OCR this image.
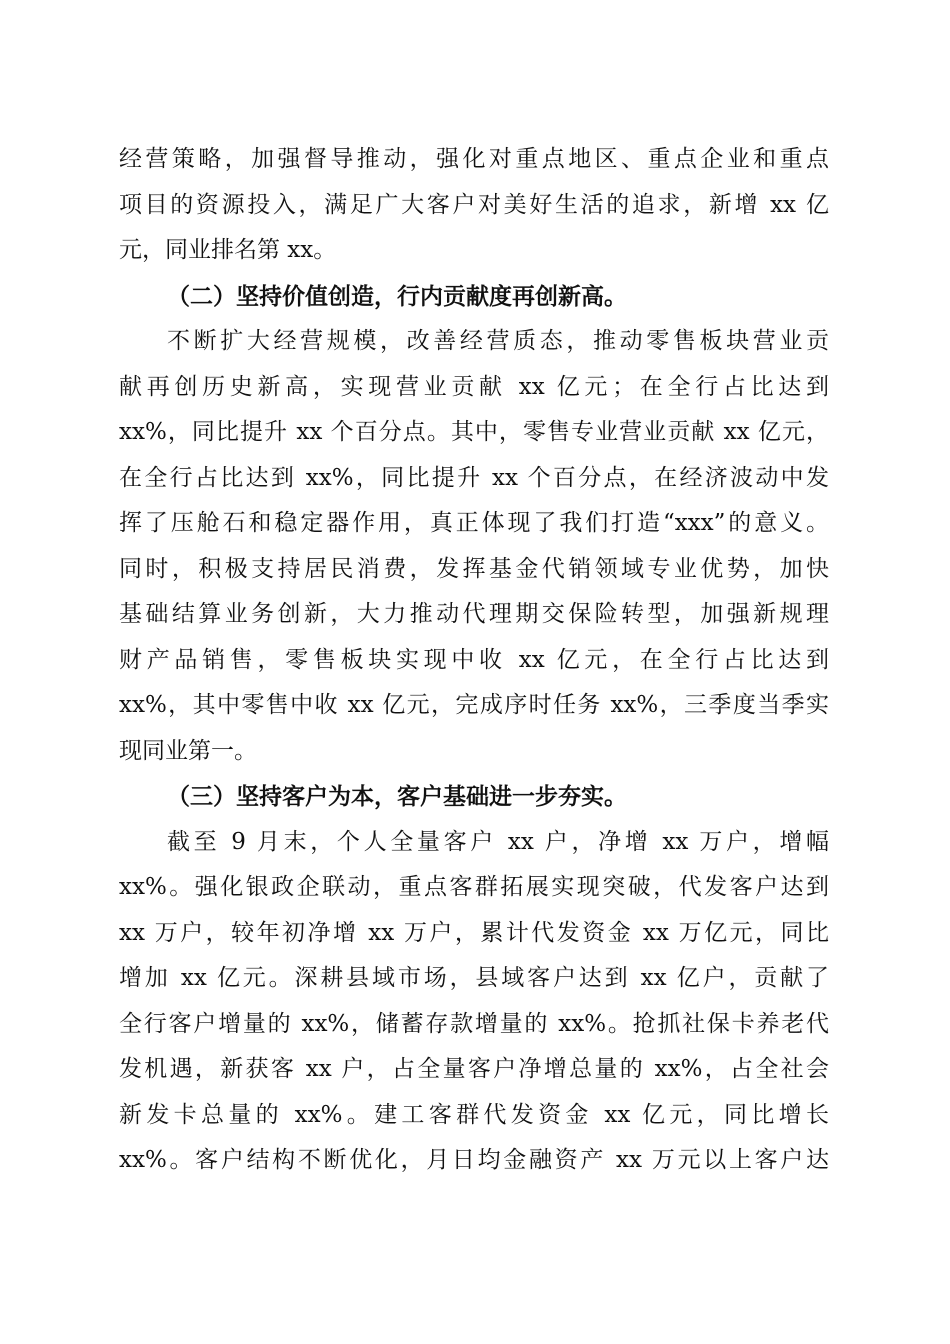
经营策略，加强督导推动，强化对重点地区、重点企业和重点
项目的资源投入，满足广大客户对美好生活的追求，新增 xx 亿
元，同业排名第 xx。
（二）坚持价值创造，行内贡献度再创新高。
不断扩大经营规模，改善经营质态，推动零售板块营业贡
献再创历史新高，实现营业贡献 xx 亿元；在全行占比达到
xx%，同比提升 xx 个百分点。其中，零售专业营业贡献 xx 亿元，
在全行占比达到 xx%，同比提升 xx 个百分点，在经济波动中发
挥了压舱石和稳定器作用，真正体现了我们打造“xxx”的意义。
同时，积极支持居民消费，发挥基金代销领域专业优势，加快
基础结算业务创新，大力推动代理期交保险转型，加强新规理
财产品销售，零售板块实现中收 xx 亿元，在全行占比达到
xx%，其中零售中收 xx 亿元，完成序时任务 xx%，三季度当季实
现同业第一。
（三）坚持客户为本，客户基础进一步夯实。
截至 9 月末，个人全量客户 xx 户，净增 xx 万户，增幅
xx%。强化银政企联动，重点客群拓展实现突破，代发客户达到
xx 万户，较年初净增 xx 万户，累计代发资金 xx 万亿元，同比
增加 xx 亿元。深耕县域市场，县域客户达到 xx 亿户，贡献了
全行客户增量的 xx%，储蓄存款增量的 xx%。抢抓社保卡养老代
发机遇，新获客 xx 户，占全量客户净增总量的 xx%，占全社会
新发卡总量的 xx%。建工客群代发资金 xx 亿元，同比增长
xx%。客户结构不断优化，月日均金融资产 xx 万元以上客户达
